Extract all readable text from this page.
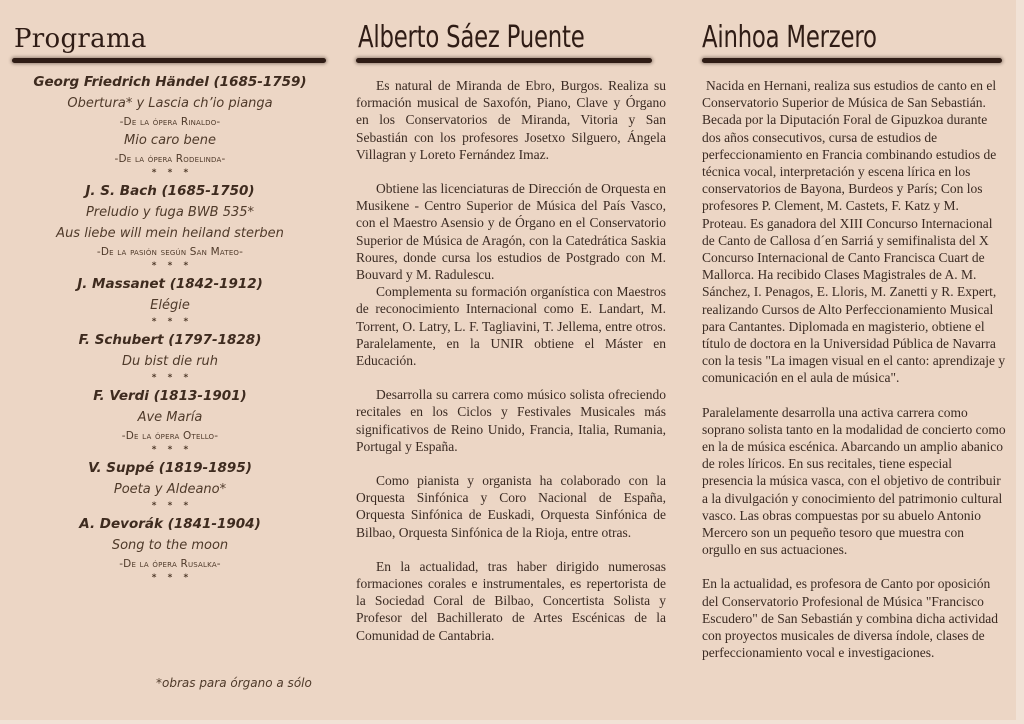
Programa
Georg Friedrich Händel (1685-1759)
Obertura* y Lascia ch’io pianga
-De la ópera Rinaldo-
Mio caro bene
-De la ópera Rodelinda-
* * *
J. S. Bach (1685-1750)
Preludio y fuga BWB 535*
Aus liebe will mein heiland sterben
-De la pasión según San Mateo-
* * *
J. Massanet (1842-1912)
Elégie
* * *
F. Schubert (1797-1828)
Du bist die ruh
* * *
F. Verdi (1813-1901)
Ave María
-De la ópera Otello-
* * *
V. Suppé (1819-1895)
Poeta y Aldeano*
* * *
A. Devorák (1841-1904)
Song to the moon
-De la ópera Rusalka-
* * *
*obras para órgano a sólo
Alberto Sáez Puente

Es natural de Miranda de Ebro, Burgos. Realiza su formación musical de Saxofón, Piano, Clave y Órgano en los Conservatorios de Miranda, Vitoria y San Sebastián con los profesores Josetxo Silguero, Ángela Villagran y Loreto Fernández Imaz.

Obtiene las licenciaturas de Dirección de Orquesta en Musikene - Centro Superior de Música del País Vasco, con el Maestro Asensio y de Órgano en el Conservatorio Superior de Música de Aragón, con la Catedrática Saskia Roures, donde cursa los estudios de Postgrado con M. Bouvard y M. Radulescu.

Complementa su formación organística con Maestros de reconocimiento Internacional como E. Landart, M. Torrent, O. Latry, L. F. Tagliavini, T. Jellema, entre otros. Paralelamente, en la UNIR obtiene el Máster en Educación.

Desarrolla su carrera como músico solista ofreciendo recitales en los Ciclos y Festivales Musicales más significativos de Reino Unido, Francia, Italia, Rumania, Portugal y España.

Como pianista y organista ha colaborado con la Orquesta Sinfónica y Coro Nacional de España, Orquesta Sinfónica de Euskadi, Orquesta Sinfónica de Bilbao, Orquesta Sinfónica de la Rioja, entre otras.

En la actualidad, tras haber dirigido numerosas formaciones corales e instrumentales, es repertorista de la Sociedad Coral de Bilbao, Concertista Solista y Profesor del Bachillerato de Artes Escénicas de la Comunidad de Cantabria.

Ainhoa Merzero

Nacida en Hernani, realiza sus estudios de canto en el Conservatorio Superior de Música de San Sebastián. Becada por la Diputación Foral de Gipuzkoa durante dos años consecutivos, cursa de estudios de perfeccionamiento en Francia combinando estudios de técnica vocal, interpretación y escena lírica en los conservatorios de Bayona, Burdeos y París; Con los profesores P. Clement, M. Castets, F. Katz y M. Proteau. Es ganadora del XIII Concurso Internacional de Canto de Callosa d´en Sarriá y semifinalista del X Concurso Internacional de Canto Francisca Cuart de Mallorca. Ha recibido Clases Magistrales de A. M. Sánchez, I. Penagos, E. Lloris, M. Zanetti y R. Expert, realizando Cursos de Alto Perfeccionamiento Musical para Cantantes. Diplomada en magisterio, obtiene el título de doctora en la Universidad Pública de Navarra con la tesis "La imagen visual en el canto: aprendizaje y comunicación en el aula de música".

Paralelamente desarrolla una activa carrera como soprano solista tanto en la modalidad de concierto como en la de música escénica. Abarcando un amplio abanico de roles líricos. En sus recitales, tiene especial presencia la música vasca, con el objetivo de contribuir a la divulgación y conocimiento del patrimonio cultural vasco. Las obras compuestas por su abuelo Antonio Mercero son un pequeño tesoro que muestra con orgullo en sus actuaciones.

En la actualidad, es profesora de Canto por oposición del Conservatorio Profesional de Música "Francisco Escudero" de San Sebastián y combina dicha actividad con proyectos musicales de diversa índole, clases de perfeccionamiento vocal e investigaciones.
